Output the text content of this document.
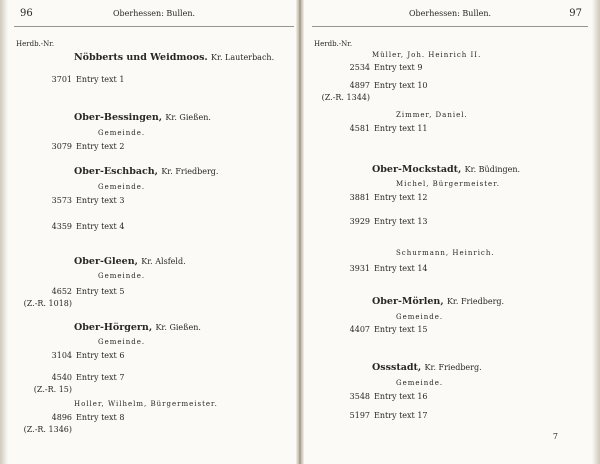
96	Oberhessen: Bullen.
Herdb.-Nr.
Nöbberts und Weidmoos. Kr. Lauterbach.
3701 Entry text 1
Ober-Bessingen, Kr. Gießen.
Gemeinde.
3079 Entry text 2
Ober-Eschbach, Kr. Friedberg.
Gemeinde.
3573 Entry text 3
4359 Entry text 4
Ober-Gleen, Kr. Alsfeld.
Gemeinde.
4652 Entry text 5
(Z.-R. 1018)
Ober-Hörgern, Kr. Gießen.
Gemeinde.
3104 Entry text 6
4540 Entry text 7
(Z.-R. 15)
Holler, Wilhelm, Bürgermeister.
4896 Entry text 8
(Z.-R. 1346)
Oberhessen: Bullen.	97
Herdb.-Nr.
Müller, Joh. Heinrich II.
2534 Entry text 9
4897 Entry text 10
(Z.-R. 1344)
Zimmer, Daniel.
4581 Entry text 11
Ober-Mockstadt, Kr. Büdingen.
Michel, Bürgermeister.
3881 Entry text 12
3929 Entry text 13
Schurmann, Heinrich.
3931 Entry text 14
Ober-Mörlen, Kr. Friedberg.
Gemeinde.
4407 Entry text 15
Ossstadt, Kr. Friedberg.
Gemeinde.
3548 Entry text 16
5197 Entry text 17
7
